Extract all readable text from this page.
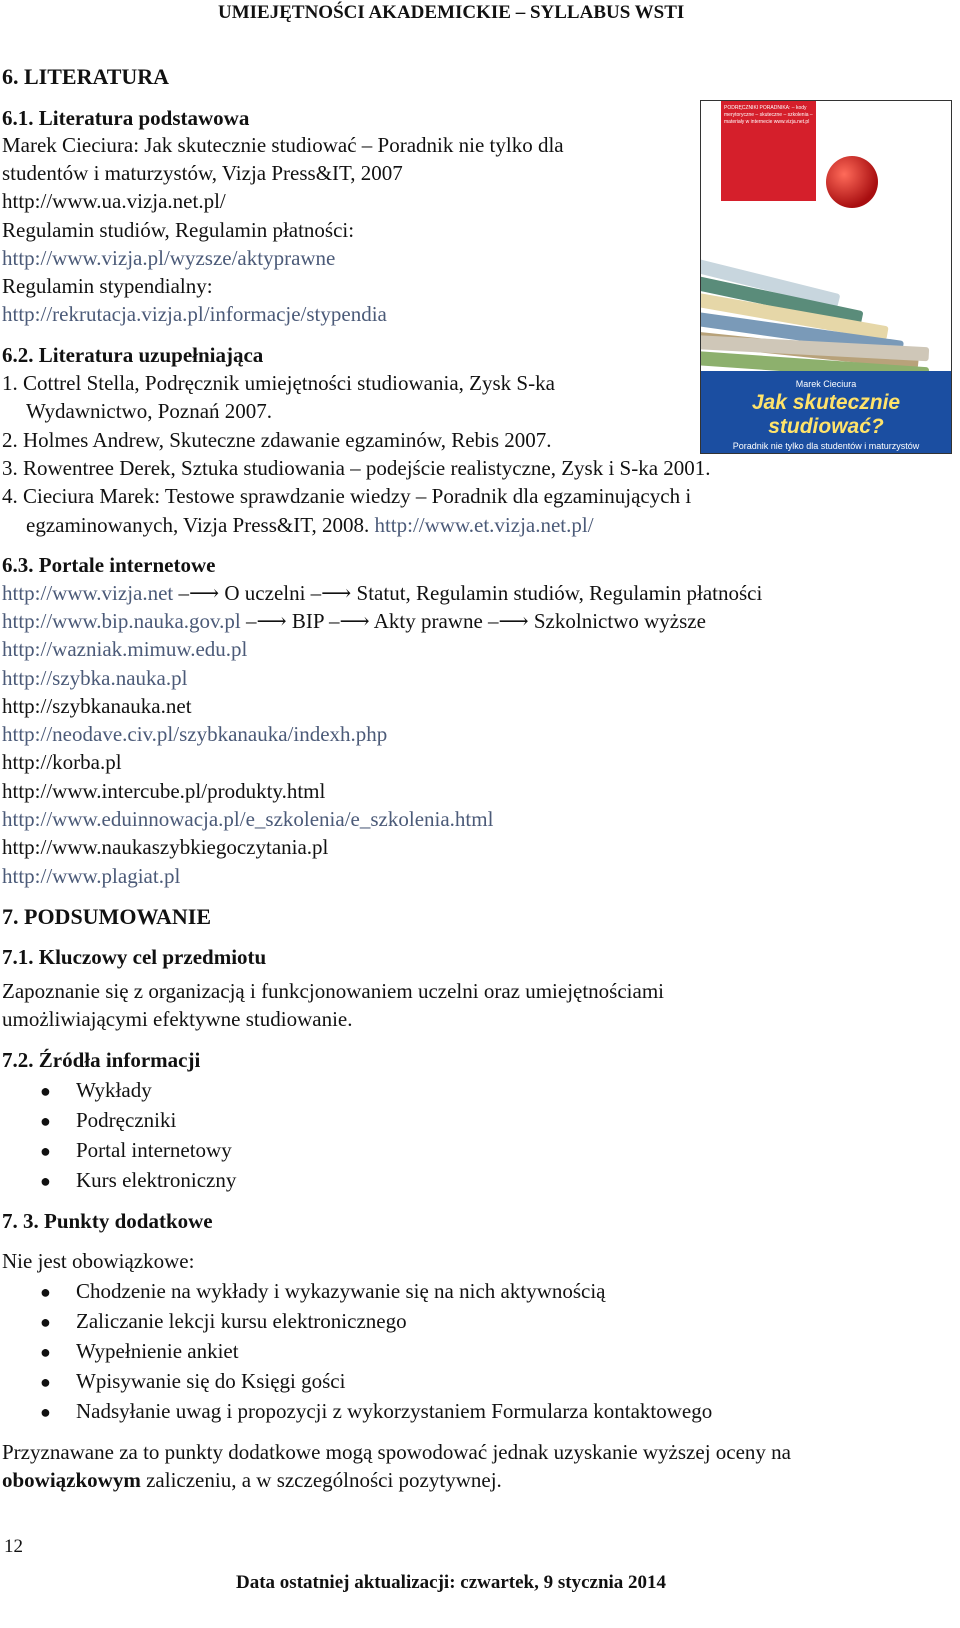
UMIEJĘTNOŚCI AKADEMICKIE – SYLLABUS WSTI
6. LITERATURA
6.1. Literatura podstawowa
Marek Cieciura: Jak skutecznie studiować – Poradnik nie tylko dla
studentów i maturzystów, Vizja Press&IT, 2007
http://www.ua.vizja.net.pl/
Regulamin studiów, Regulamin płatności:
http://www.vizja.pl/wyzsze/aktyprawne
Regulamin stypendialny:
http://rekrutacja.vizja.pl/informacje/stypendia
6.2. Literatura uzupełniająca
1. Cottrel Stella, Podręcznik umiejętności studiowania, Zysk S-ka
Wydawnictwo, Poznań 2007.
2. Holmes Andrew, Skuteczne zdawanie egzaminów, Rebis 2007.
3. Rowentree Derek, Sztuka studiowania – podejście realistyczne, Zysk i S-ka 2001.
4. Cieciura Marek: Testowe sprawdzanie wiedzy – Poradnik dla egzaminujących i
egzaminowanych, Vizja Press&IT, 2008. http://www.et.vizja.net.pl/
6.3. Portale internetowe
http://www.vizja.net –⟶ O uczelni –⟶ Statut, Regulamin studiów, Regulamin płatności
http://www.bip.nauka.gov.pl –⟶ BIP –⟶ Akty prawne –⟶ Szkolnictwo wyższe
http://wazniak.mimuw.edu.pl
http://szybka.nauka.pl
http://szybkanauka.net
http://neodave.civ.pl/szybkanauka/indexh.php
http://korba.pl
http://www.intercube.pl/produkty.html
http://www.eduinnowacja.pl/e_szkolenia/e_szkolenia.html
http://www.naukaszybkiegoczytania.pl
http://www.plagiat.pl
PODRĘCZNIKI PORADNIKA: – kody merytoryczne – skuteczne – szkolenia – materiały w internecie www.vizja.net.pl
Marek Cieciura
Jak skutecznie studiować?
Poradnik nie tylko dla studentów i maturzystów
7. PODSUMOWANIE
7.1. Kluczowy cel przedmiotu
Zapoznanie się z organizacją i funkcjonowaniem uczelni oraz umiejętnościami
umożliwiającymi efektywne studiowanie.
7.2. Źródła informacji
● Wykłady
● Podręczniki
● Portal internetowy
● Kurs elektroniczny
7. 3. Punkty dodatkowe
Nie jest obowiązkowe:
● Chodzenie na wykłady i wykazywanie się na nich aktywnością
● Zaliczanie lekcji kursu elektronicznego
● Wypełnienie ankiet
● Wpisywanie się do Księgi gości
● Nadsyłanie uwag i propozycji z wykorzystaniem Formularza kontaktowego
Przyznawane za to punkty dodatkowe mogą spowodować jednak uzyskanie wyższej oceny na
obowiązkowym zaliczeniu, a w szczególności pozytywnej.
12
Data ostatniej aktualizacji: czwartek, 9 stycznia 2014
